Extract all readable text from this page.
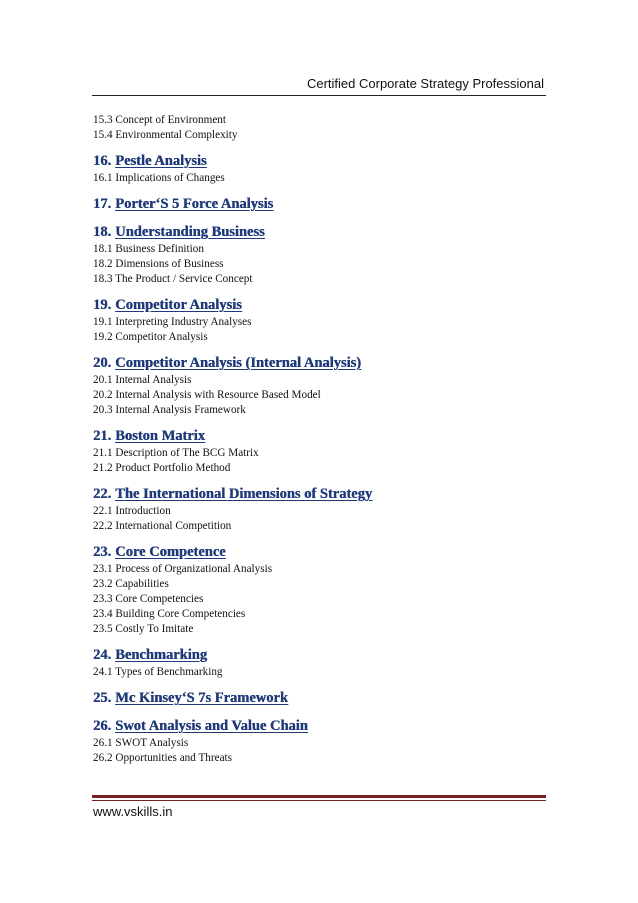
Certified Corporate Strategy Professional
15.3 Concept of Environment
15.4 Environmental Complexity
16. Pestle Analysis
16.1 Implications of Changes
17. Porter‘S 5 Force Analysis
18. Understanding Business
18.1 Business Definition
18.2 Dimensions of Business
18.3 The Product / Service Concept
19. Competitor Analysis
19.1 Interpreting Industry Analyses
19.2 Competitor Analysis
20. Competitor Analysis (Internal Analysis)
20.1 Internal Analysis
20.2 Internal Analysis with Resource Based Model
20.3 Internal Analysis Framework
21. Boston Matrix
21.1 Description of The BCG Matrix
21.2 Product Portfolio Method
22. The International Dimensions of Strategy
22.1 Introduction
22.2 International Competition
23. Core Competence
23.1 Process of Organizational Analysis
23.2 Capabilities
23.3 Core Competencies
23.4 Building Core Competencies
23.5 Costly To Imitate
24. Benchmarking
24.1 Types of Benchmarking
25. Mc Kinsey‘S 7s Framework
26. Swot Analysis and Value Chain
26.1 SWOT Analysis
26.2 Opportunities and Threats
www.vskills.in
